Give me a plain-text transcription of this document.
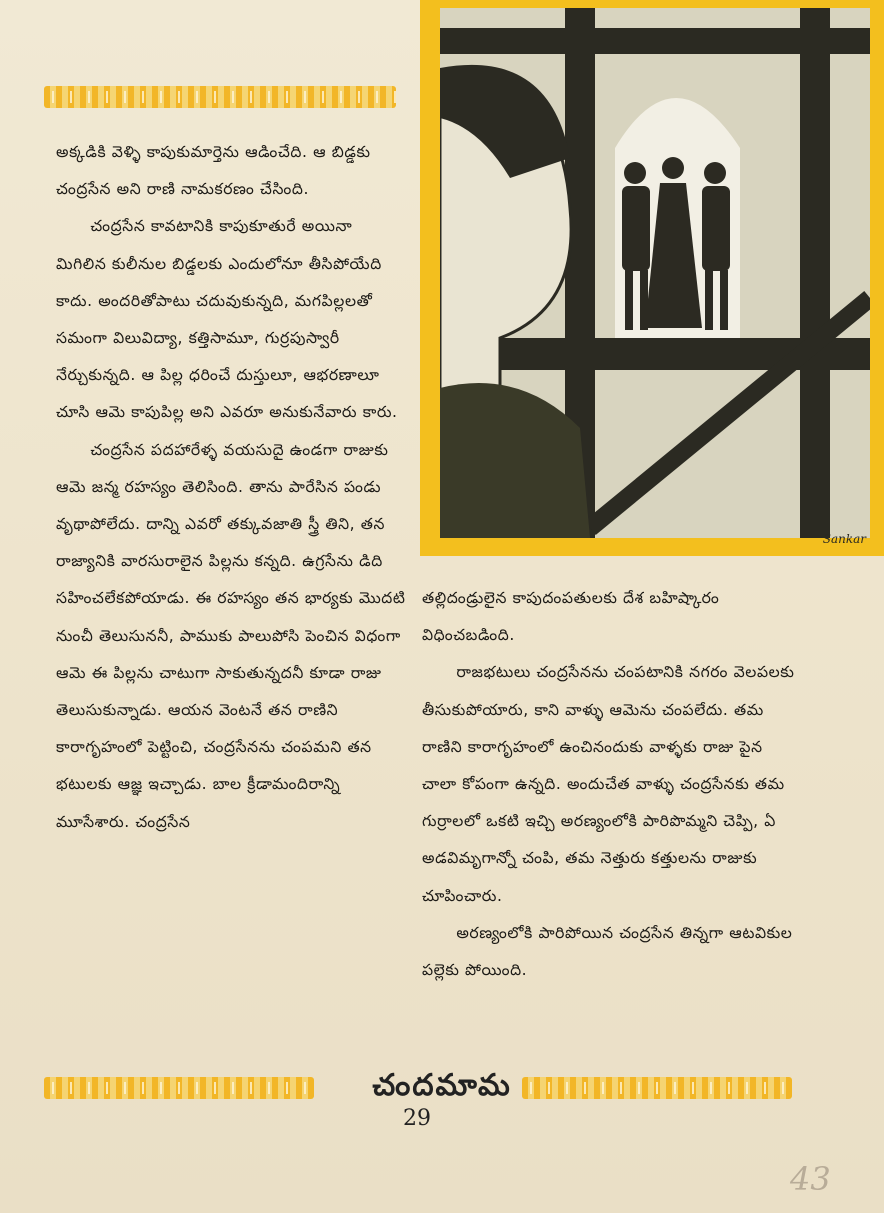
అక్కడికి వెళ్ళి కాపుకుమార్తెను ఆడించేది. ఆ బిడ్డకు చంద్రసేన అని రాణి నామకరణం చేసింది.

చంద్రసేన కావటానికి కాపుకూతురే అయినా మిగిలిన కులీనుల బిడ్డలకు ఎందులోనూ తీసిపోయేది కాదు. అందరితోపాటు చదువుకున్నది, మగపిల్లలతో సమంగా విలువిద్యా, కత్తిసామూ, గుర్రపుస్వారీ నేర్చుకున్నది. ఆ పిల్ల ధరించే దుస్తులూ, ఆభరణాలూ చూసి ఆమె కాపుపిల్ల అని ఎవరూ అనుకునేవారు కారు.

చంద్రసేన పదహారేళ్ళ వయసుదై ఉండగా రాజుకు ఆమె జన్మ రహస్యం తెలిసింది. తాను పారేసిన పండు వృథాపోలేదు. దాన్ని ఎవరో తక్కువజాతి స్త్రీ తిని, తన రాజ్యానికి వారసురాలైన పిల్లను కన్నది. ఉగ్రసేను డిది సహించలేకపోయాడు. ఈ రహస్యం తన భార్యకు మొదటి నుంచీ తెలుసుననీ, పాముకు పాలుపోసి పెంచిన విధంగా ఆమె ఈ పిల్లను చాటుగా సాకుతున్నదనీ కూడా రాజు తెలుసుకున్నాడు. ఆయన వెంటనే తన రాణిని కారాగృహంలో పెట్టించి, చంద్రసేనను చంపమని తన భటులకు ఆజ్ఞ ఇచ్చాడు. బాల క్రీడామందిరాన్ని మూసేశారు. చంద్రసేన

Sankar

తల్లిదండ్రులైన కాపుదంపతులకు దేశ బహిష్కారం విధించబడింది.

రాజభటులు చంద్రసేనను చంపటానికి నగరం వెలపలకు తీసుకుపోయారు, కాని వాళ్ళు ఆమెను చంపలేదు. తమ రాణిని కారాగృహంలో ఉంచినందుకు వాళ్ళకు రాజు పైన చాలా కోపంగా ఉన్నది. అందుచేత వాళ్ళు చంద్రసేనకు తమ గుర్రాలలో ఒకటి ఇచ్చి అరణ్యంలోకి పారిపొమ్మని చెప్పి, ఏ అడవిమృగాన్నో చంపి, తమ నెత్తురు కత్తులను రాజుకు చూపించారు.

అరణ్యంలోకి పారిపోయిన చంద్రసేన తిన్నగా ఆటవికుల పల్లెకు పోయింది.

చందమామ
29
43
